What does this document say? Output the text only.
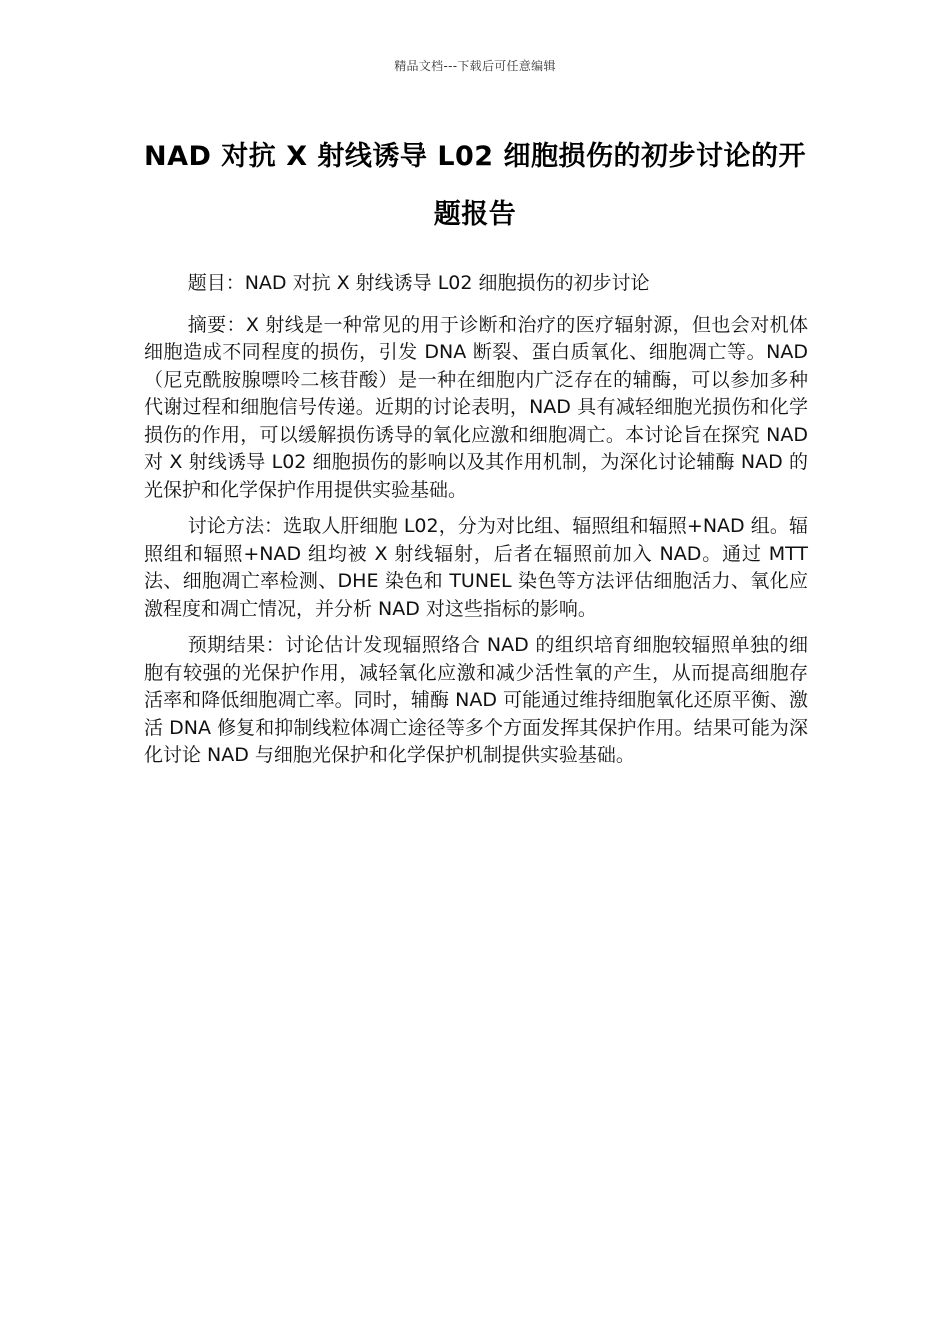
精品文档---下载后可任意编辑
NAD 对抗 X 射线诱导 L02 细胞损伤的初步讨论的开题报告

题目：NAD 对抗 X 射线诱导 L02 细胞损伤的初步讨论

摘要：X 射线是一种常见的用于诊断和治疗的医疗辐射源，但也会对机体细胞造成不同程度的损伤，引发 DNA 断裂、蛋白质氧化、细胞凋亡等。NAD（尼克酰胺腺嘌呤二核苷酸）是一种在细胞内广泛存在的辅酶，可以参加多种代谢过程和细胞信号传递。近期的讨论表明，NAD 具有减轻细胞光损伤和化学损伤的作用，可以缓解损伤诱导的氧化应激和细胞凋亡。本讨论旨在探究 NAD 对 X 射线诱导 L02 细胞损伤的影响以及其作用机制，为深化讨论辅酶 NAD 的光保护和化学保护作用提供实验基础。

讨论方法：选取人肝细胞 L02，分为对比组、辐照组和辐照+NAD 组。辐照组和辐照+NAD 组均被 X 射线辐射，后者在辐照前加入 NAD。通过 MTT 法、细胞凋亡率检测、DHE 染色和 TUNEL 染色等方法评估细胞活力、氧化应激程度和凋亡情况，并分析 NAD 对这些指标的影响。

预期结果：讨论估计发现辐照络合 NAD 的组织培育细胞较辐照单独的细胞有较强的光保护作用，减轻氧化应激和减少活性氧的产生，从而提高细胞存活率和降低细胞凋亡率。同时，辅酶 NAD 可能通过维持细胞氧化还原平衡、激活 DNA 修复和抑制线粒体凋亡途径等多个方面发挥其保护作用。结果可能为深化讨论 NAD 与细胞光保护和化学保护机制提供实验基础。
